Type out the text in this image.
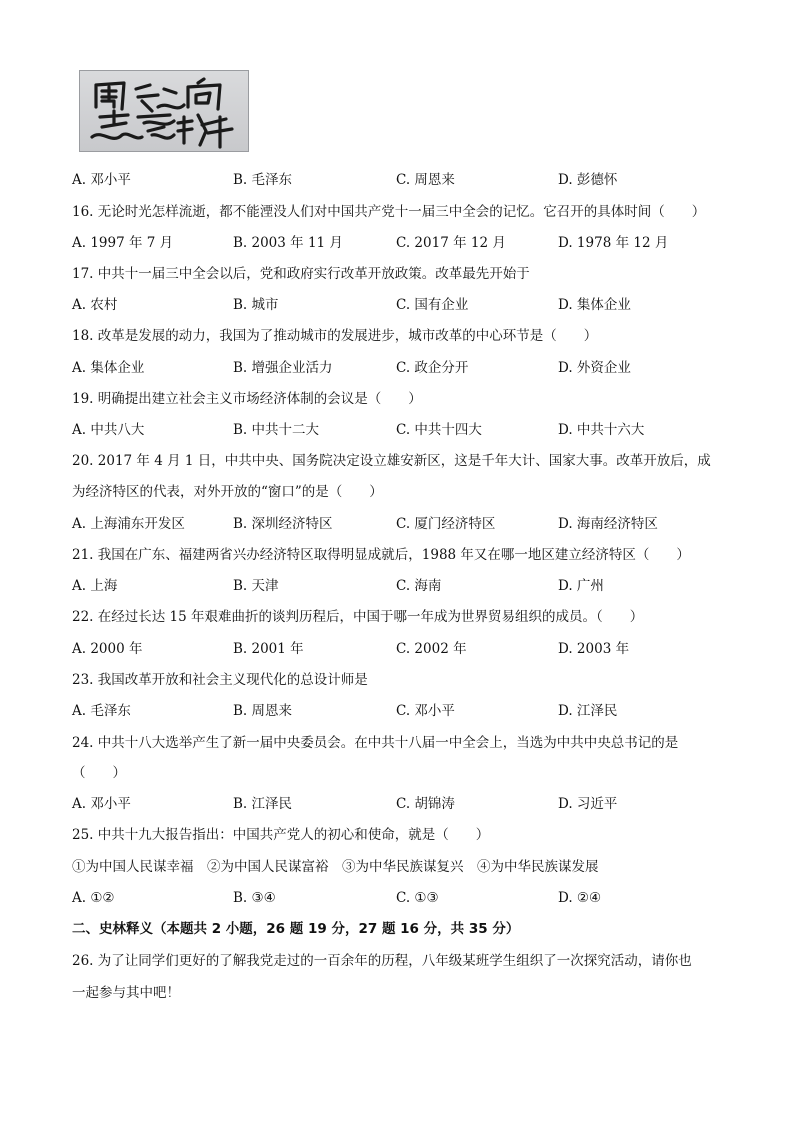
A. 邓小平	B. 毛泽东	C. 周恩来	D. 彭德怀
16. 无论时光怎样流逝，都不能湮没人们对中国共产党十一届三中全会的记忆。它召开的具体时间（　　）
A. 1997 年 7 月	B. 2003 年 11 月	C. 2017 年 12 月	D. 1978 年 12 月
17. 中共十一届三中全会以后，党和政府实行改革开放政策。改革最先开始于
A. 农村	B. 城市	C. 国有企业	D. 集体企业
18. 改革是发展的动力，我国为了推动城市的发展进步，城市改革的中心环节是（　　）
A. 集体企业	B. 增强企业活力	C. 政企分开	D. 外资企业
19. 明确提出建立社会主义市场经济体制的会议是（　　）
A. 中共八大	B. 中共十二大	C. 中共十四大	D. 中共十六大
20. 2017 年 4 月 1 日，中共中央、国务院决定设立雄安新区，这是千年大计、国家大事。改革开放后，成
为经济特区的代表，对外开放的“窗口”的是（　　）
A. 上海浦东开发区	B. 深圳经济特区	C. 厦门经济特区	D. 海南经济特区
21. 我国在广东、福建两省兴办经济特区取得明显成就后，1988 年又在哪一地区建立经济特区（　　）
A. 上海	B. 天津	C. 海南	D. 广州
22. 在经过长达 15 年艰难曲折的谈判历程后，中国于哪一年成为世界贸易组织的成员。（　　）
A. 2000 年	B. 2001 年	C. 2002 年	D. 2003 年
23. 我国改革开放和社会主义现代化的总设计师是
A. 毛泽东	B. 周恩来	C. 邓小平	D. 江泽民
24. 中共十八大选举产生了新一届中央委员会。在中共十八届一中全会上，当选为中共中央总书记的是
（　　）
A. 邓小平	B. 江泽民	C. 胡锦涛	D. 习近平
25. 中共十九大报告指出：中国共产党人的初心和使命，就是（　　）
①为中国人民谋幸福　②为中国人民谋富裕　③为中华民族谋复兴　④为中华民族谋发展
A. ①②	B. ③④	C. ①③	D. ②④
二、史林释义（本题共 2 小题，26 题 19 分，27 题 16 分，共 35 分）
26. 为了让同学们更好的了解我党走过的一百余年的历程，八年级某班学生组织了一次探究活动，请你也
一起参与其中吧！
